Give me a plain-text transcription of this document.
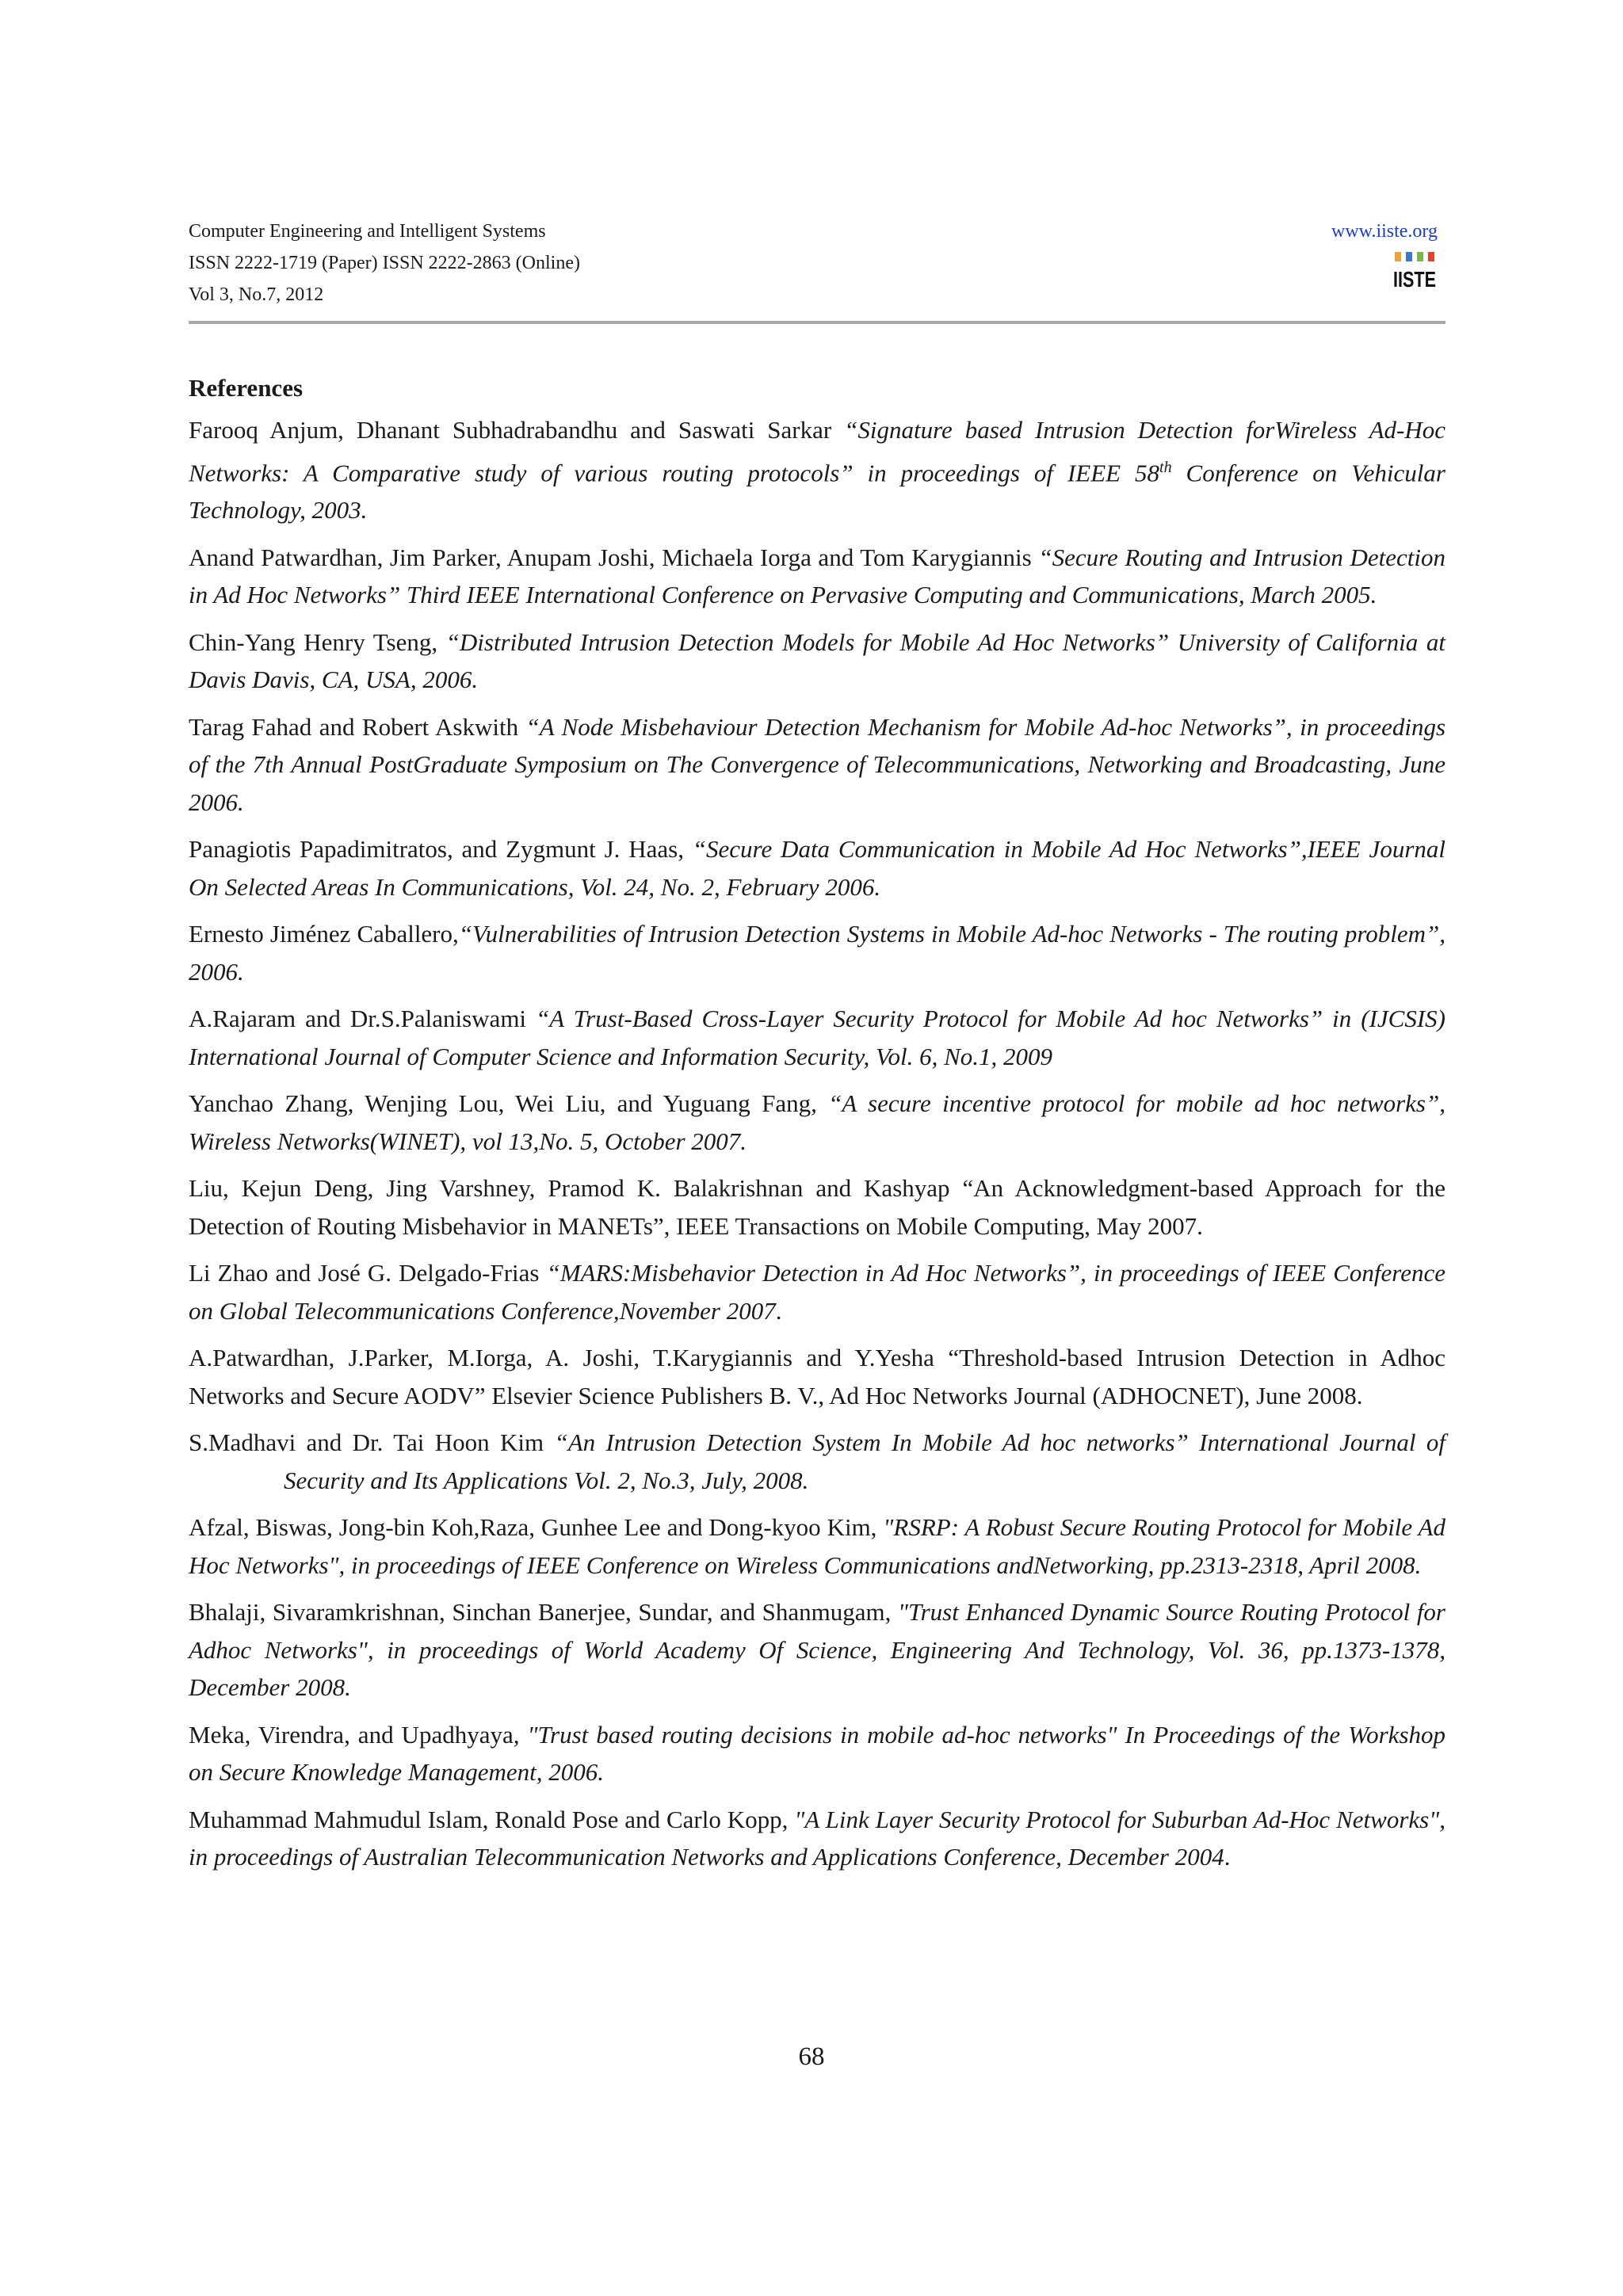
Computer Engineering and Intelligent Systems
ISSN 2222-1719 (Paper) ISSN 2222-2863 (Online)
Vol 3, No.7, 2012
www.iiste.org
IISTE
References
Farooq Anjum, Dhanant Subhadrabandhu and Saswati Sarkar “Signature based Intrusion Detection forWireless Ad-Hoc Networks: A Comparative study of various routing protocols” in proceedings of IEEE 58th Conference on Vehicular Technology, 2003.
Anand Patwardhan, Jim Parker, Anupam Joshi, Michaela Iorga and Tom Karygiannis “Secure Routing and Intrusion Detection in Ad Hoc Networks” Third IEEE International Conference on Pervasive Computing and Communications, March 2005.
Chin-Yang Henry Tseng, “Distributed Intrusion Detection Models for Mobile Ad Hoc Networks” University of California at Davis Davis, CA, USA, 2006.
Tarag Fahad and Robert Askwith “A Node Misbehaviour Detection Mechanism for Mobile Ad-hoc Networks”, in proceedings of the 7th Annual PostGraduate Symposium on The Convergence of Telecommunications, Networking and Broadcasting, June 2006.
Panagiotis Papadimitratos, and Zygmunt J. Haas, “Secure Data Communication in Mobile Ad Hoc Networks”,IEEE Journal On Selected Areas In Communications, Vol. 24, No. 2, February 2006.
Ernesto Jiménez Caballero,“Vulnerabilities of Intrusion Detection Systems in Mobile Ad-hoc Networks - The routing problem”, 2006.
A.Rajaram and Dr.S.Palaniswami “A Trust-Based Cross-Layer Security Protocol for Mobile Ad hoc Networks” in (IJCSIS) International Journal of Computer Science and Information Security, Vol. 6, No.1, 2009
Yanchao Zhang, Wenjing Lou, Wei Liu, and Yuguang Fang, “A secure incentive protocol for mobile ad hoc networks”, Wireless Networks(WINET), vol 13,No. 5, October 2007.
Liu, Kejun Deng, Jing Varshney, Pramod K. Balakrishnan and Kashyap “An Acknowledgment-based Approach for the Detection of Routing Misbehavior in MANETs”, IEEE Transactions on Mobile Computing, May 2007.
Li Zhao and José G. Delgado-Frias “MARS:Misbehavior Detection in Ad Hoc Networks”, in proceedings of IEEE Conference on Global Telecommunications Conference,November 2007.
A.Patwardhan, J.Parker, M.Iorga, A. Joshi, T.Karygiannis and Y.Yesha “Threshold-based Intrusion Detection in Adhoc Networks and Secure AODV” Elsevier Science Publishers B. V., Ad Hoc Networks Journal (ADHOCNET), June 2008.
S.Madhavi and Dr. Tai Hoon Kim “An Intrusion Detection System In Mobile Ad hoc networks” International Journal of Security and Its Applications Vol. 2, No.3, July, 2008.
Afzal, Biswas, Jong-bin Koh,Raza, Gunhee Lee and Dong-kyoo Kim, "RSRP: A Robust Secure Routing Protocol for Mobile Ad Hoc Networks", in proceedings of IEEE Conference on Wireless Communications andNetworking, pp.2313-2318, April 2008.
Bhalaji, Sivaramkrishnan, Sinchan Banerjee, Sundar, and Shanmugam, "Trust Enhanced Dynamic Source Routing Protocol for Adhoc Networks", in proceedings of World Academy Of Science, Engineering And Technology, Vol. 36, pp.1373-1378, December 2008.
Meka, Virendra, and Upadhyaya, "Trust based routing decisions in mobile ad-hoc networks" In Proceedings of the Workshop on Secure Knowledge Management, 2006.
Muhammad Mahmudul Islam, Ronald Pose and Carlo Kopp, "A Link Layer Security Protocol for Suburban Ad-Hoc Networks", in proceedings of Australian Telecommunication Networks and Applications Conference, December 2004.
68
